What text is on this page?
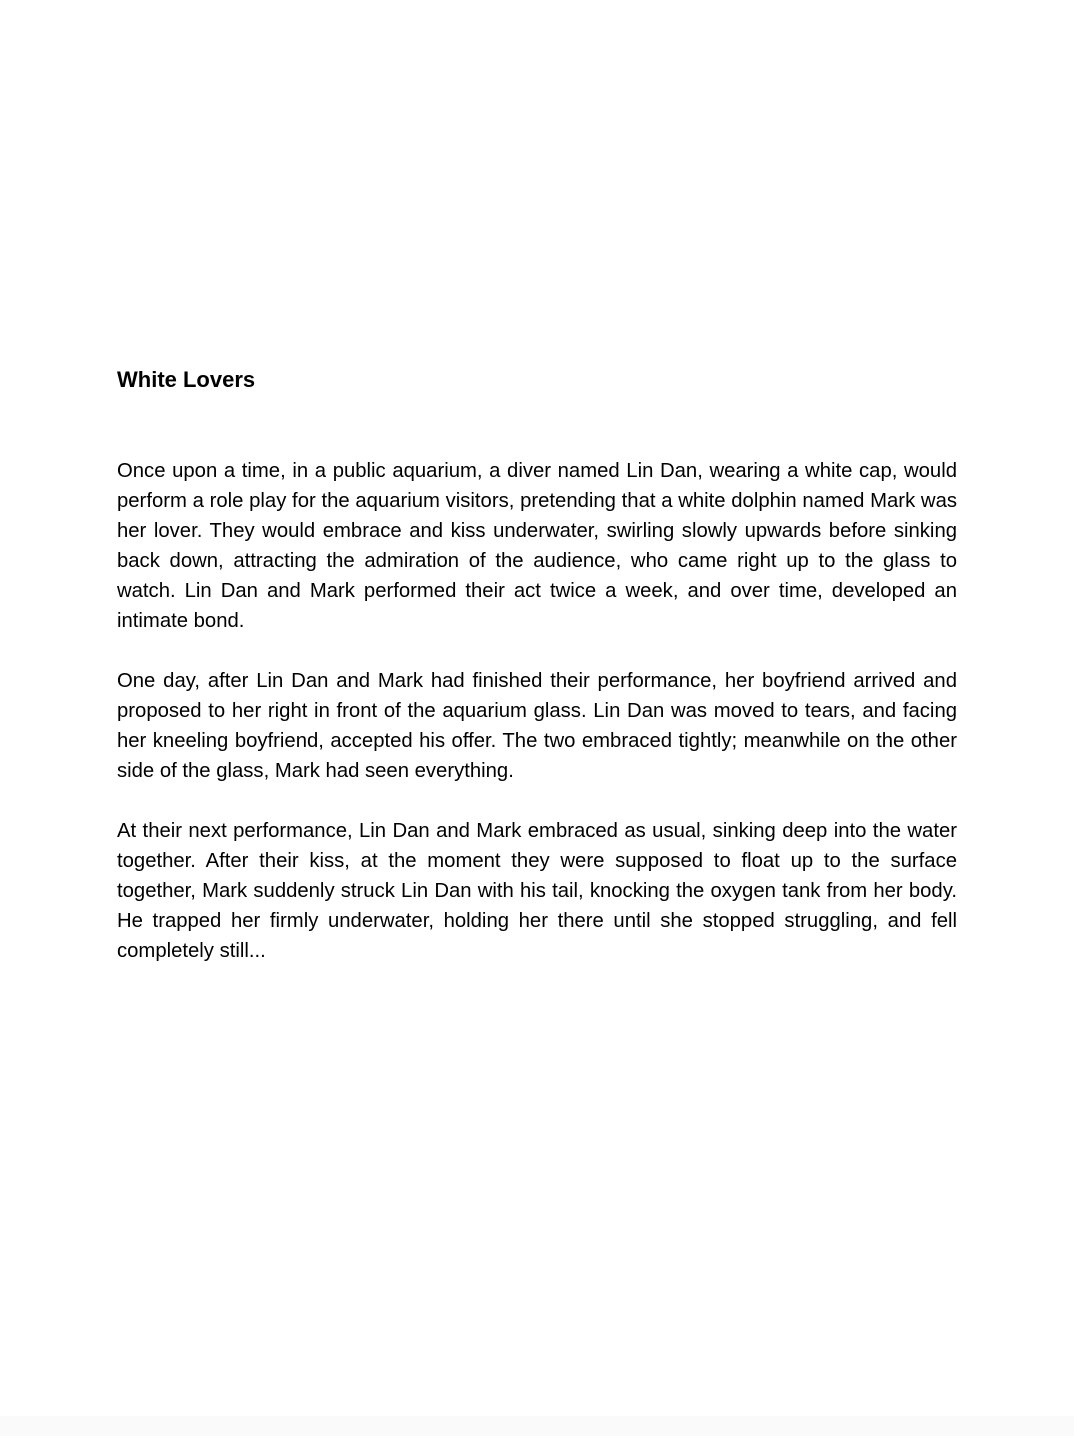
White Lovers

Once upon a time, in a public aquarium, a diver named Lin Dan, wearing a white cap, would perform a role play for the aquarium visitors, pretending that a white dolphin named Mark was her lover. They would embrace and kiss underwater, swirling slowly upwards before sinking back down, attracting the admiration of the audience, who came right up to the glass to watch. Lin Dan and Mark performed their act twice a week, and over time, developed an intimate bond.

One day, after Lin Dan and Mark had finished their performance, her boyfriend arrived and proposed to her right in front of the aquarium glass. Lin Dan was moved to tears, and facing her kneeling boyfriend, accepted his offer. The two embraced tightly; meanwhile on the other side of the glass, Mark had seen everything.

At their next performance, Lin Dan and Mark embraced as usual, sinking deep into the water together. After their kiss, at the moment they were supposed to float up to the surface together, Mark suddenly struck Lin Dan with his tail, knocking the oxygen tank from her body. He trapped her firmly underwater, holding her there until she stopped struggling, and fell completely still...
